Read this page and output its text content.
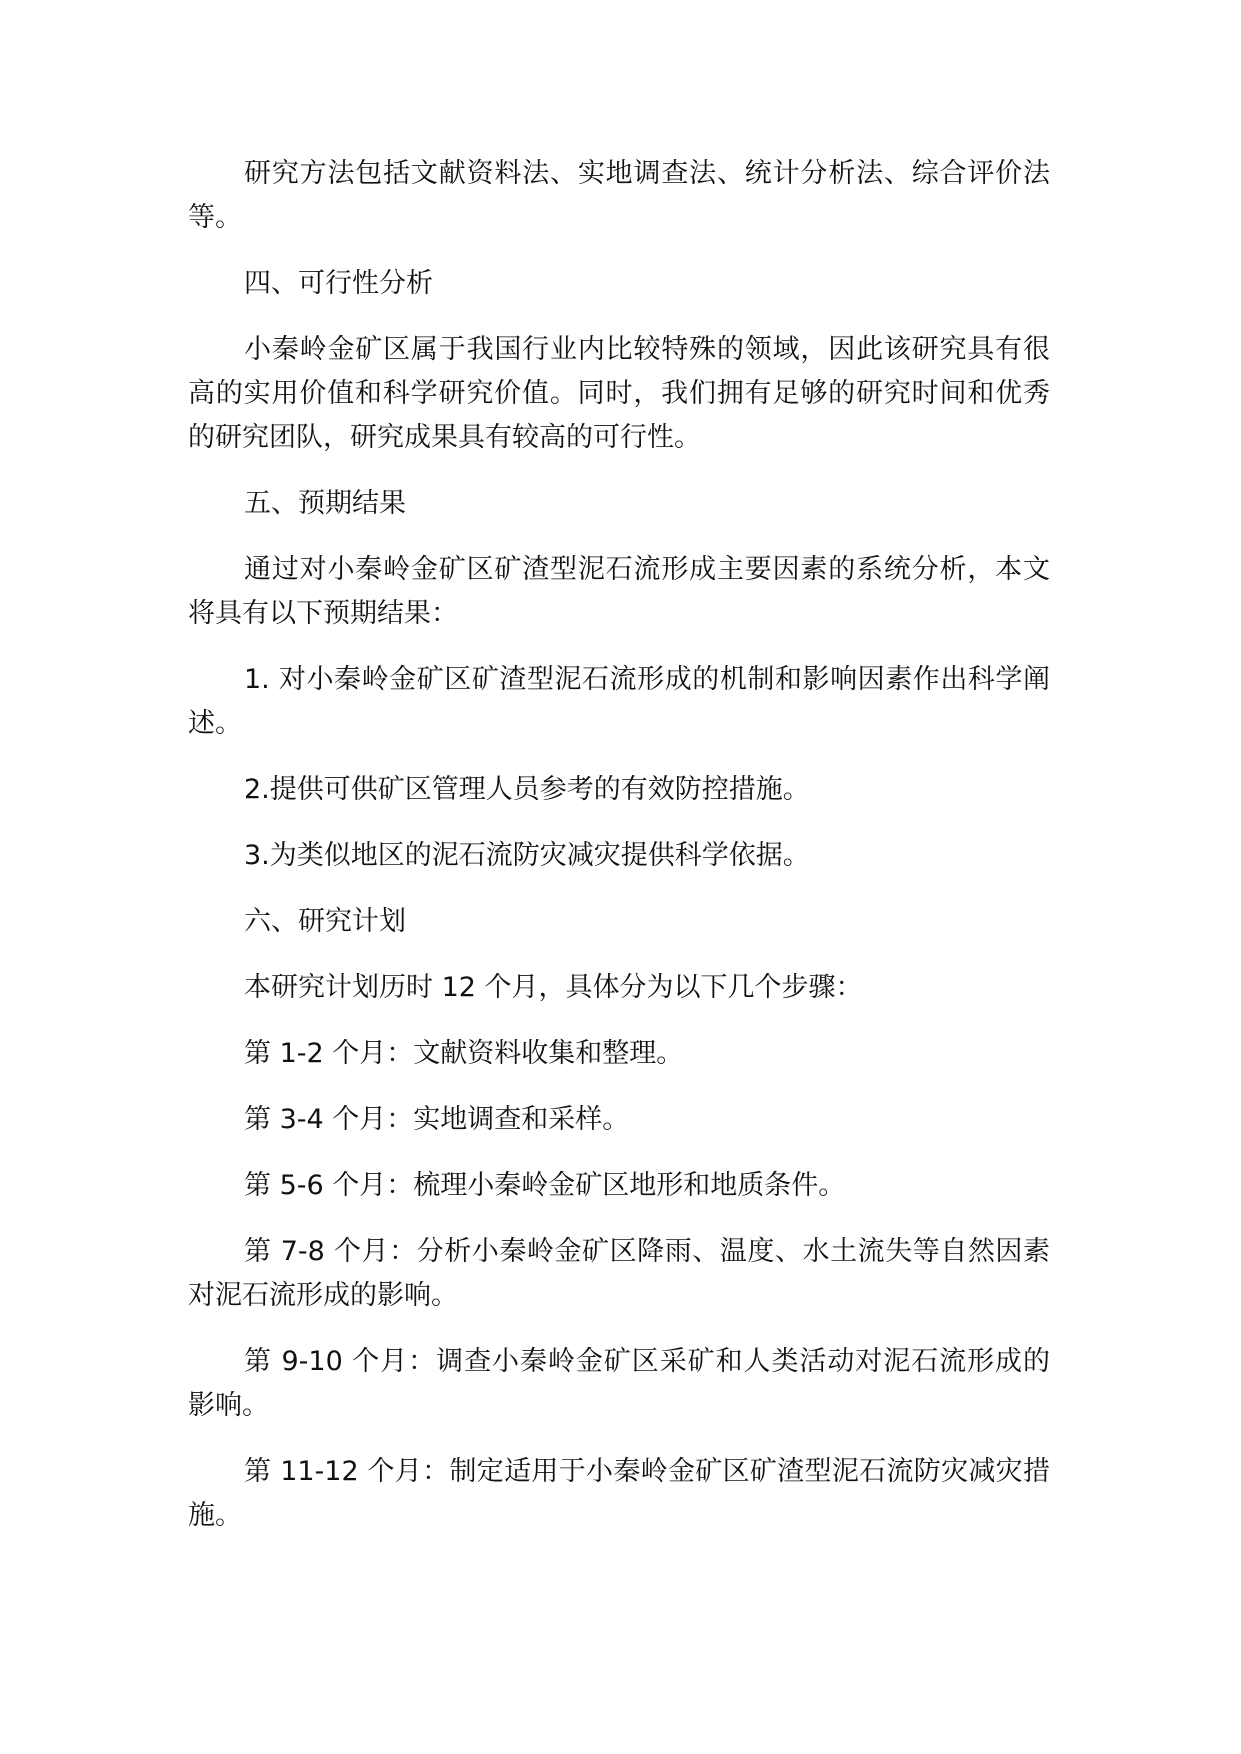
研究方法包括文献资料法、实地调查法、统计分析法、综合评价法等。

四、可行性分析

小秦岭金矿区属于我国行业内比较特殊的领域，因此该研究具有很高的实用价值和科学研究价值。同时，我们拥有足够的研究时间和优秀的研究团队，研究成果具有较高的可行性。

五、预期结果

通过对小秦岭金矿区矿渣型泥石流形成主要因素的系统分析，本文将具有以下预期结果：

1. 对小秦岭金矿区矿渣型泥石流形成的机制和影响因素作出科学阐述。

2.提供可供矿区管理人员参考的有效防控措施。

3.为类似地区的泥石流防灾减灾提供科学依据。

六、研究计划

本研究计划历时 12 个月，具体分为以下几个步骤：

第 1-2 个月：文献资料收集和整理。

第 3-4 个月：实地调查和采样。

第 5-6 个月：梳理小秦岭金矿区地形和地质条件。

第 7-8 个月：分析小秦岭金矿区降雨、温度、水土流失等自然因素对泥石流形成的影响。

第 9-10 个月：调查小秦岭金矿区采矿和人类活动对泥石流形成的影响。

第 11-12 个月：制定适用于小秦岭金矿区矿渣型泥石流防灾减灾措施。
